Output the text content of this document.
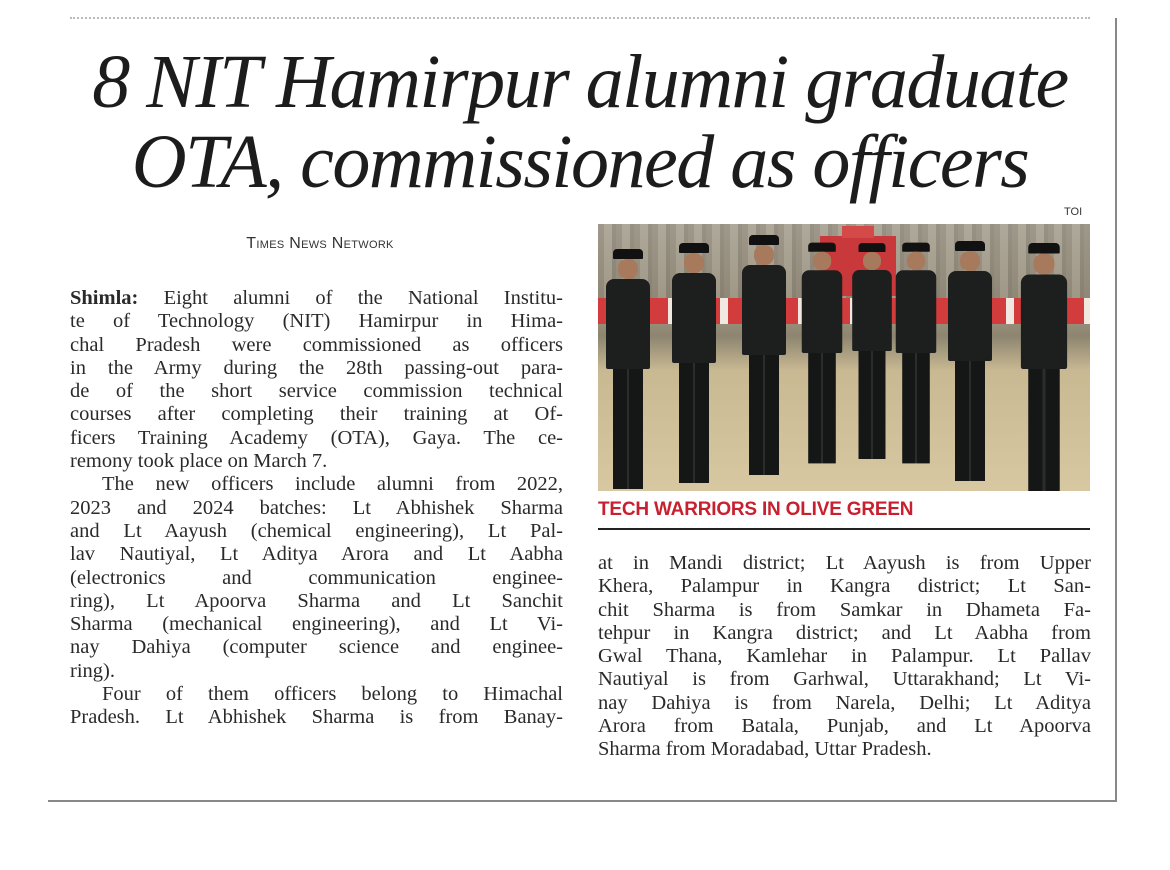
8 NIT Hamirpur alumni graduate
OTA, commissioned as officers
Times News Network
Shimla: Eight alumni of the National Institu-
te of Technology (NIT) Hamirpur in Hima-
chal Pradesh were commissioned as officers
in the Army during the 28th passing-out para-
de of the short service commission technical
courses after completing their training at Of-
ficers Training Academy (OTA), Gaya. The ce-
remony took place on March 7.
The new officers include alumni from 2022,
2023 and 2024 batches: Lt Abhishek Sharma
and Lt Aayush (chemical engineering), Lt Pal-
lav Nautiyal, Lt Aditya Arora and Lt Aabha
(electronics and communication enginee-
ring), Lt Apoorva Sharma and Lt Sanchit
Sharma (mechanical engineering), and Lt Vi-
nay Dahiya (computer science and enginee-
ring).
Four of them officers belong to Himachal
Pradesh. Lt Abhishek Sharma is from Banay-
TOI
TECH WARRIORS IN OLIVE GREEN
at in Mandi district; Lt Aayush is from Upper
Khera, Palampur in Kangra district; Lt San-
chit Sharma is from Samkar in Dhameta Fa-
tehpur in Kangra district; and Lt Aabha from
Gwal Thana, Kamlehar in Palampur. Lt Pallav
Nautiyal is from Garhwal, Uttarakhand; Lt Vi-
nay Dahiya is from Narela, Delhi; Lt Aditya
Arora from Batala, Punjab, and Lt Apoorva
Sharma from Moradabad, Uttar Pradesh.
